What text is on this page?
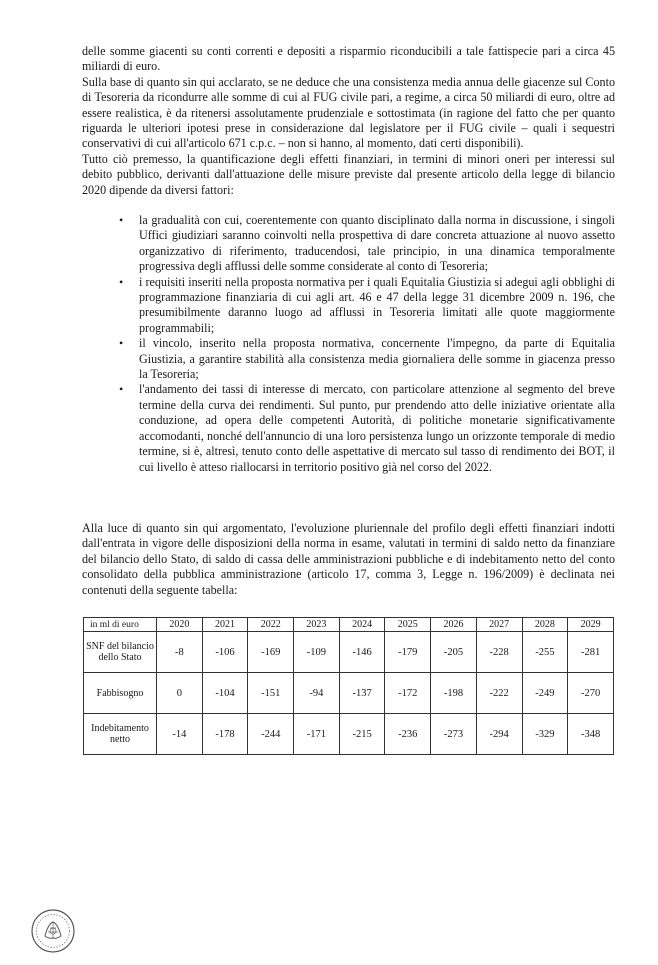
delle somme giacenti su conti correnti e depositi a risparmio riconducibili a tale fattispecie pari a circa 45 miliardi di euro.

Sulla base di quanto sin qui acclarato, se ne deduce che una consistenza media annua delle giacenze sul Conto di Tesoreria da ricondurre alle somme di cui al FUG civile pari, a regime, a circa 50 miliardi di euro, oltre ad essere realistica, è da ritenersi assolutamente prudenziale e sottostimata (in ragione del fatto che per quanto riguarda le ulteriori ipotesi prese in considerazione dal legislatore per il FUG civile – quali i sequestri conservativi di cui all'articolo 671 c.p.c. – non si hanno, al momento, dati certi disponibili).

Tutto ciò premesso, la quantificazione degli effetti finanziari, in termini di minori oneri per interessi sul debito pubblico, derivanti dall'attuazione delle misure previste dal presente articolo della legge di bilancio 2020 dipende da diversi fattori:

• la gradualità con cui, coerentemente con quanto disciplinato dalla norma in discussione, i singoli Uffici giudiziari saranno coinvolti nella prospettiva di dare concreta attuazione al nuovo assetto organizzativo di riferimento, traducendosi, tale principio, in una dinamica temporalmente progressiva degli afflussi delle somme considerate al conto di Tesoreria;
• i requisiti inseriti nella proposta normativa per i quali Equitalia Giustizia si adegui agli obblighi di programmazione finanziaria di cui agli art. 46 e 47 della legge 31 dicembre 2009 n. 196, che presumibilmente daranno luogo ad afflussi in Tesoreria limitati alle quote maggiormente programmabili;
• il vincolo, inserito nella proposta normativa, concernente l'impegno, da parte di Equitalia Giustizia, a garantire stabilità alla consistenza media giornaliera delle somme in giacenza presso la Tesoreria;
• l'andamento dei tassi di interesse di mercato, con particolare attenzione al segmento del breve termine della curva dei rendimenti. Sul punto, pur prendendo atto delle iniziative orientate alla conduzione, ad opera delle competenti Autorità, di politiche monetarie significativamente accomodanti, nonché dell'annuncio di una loro persistenza lungo un orizzonte temporale di medio termine, si è, altresì, tenuto conto delle aspettative di mercato sul tasso di rendimento dei BOT, il cui livello è atteso riallocarsi in territorio positivo già nel corso del 2022.

Alla luce di quanto sin qui argomentato, l'evoluzione pluriennale del profilo degli effetti finanziari indotti dall'entrata in vigore delle disposizioni della norma in esame, valutati in termini di saldo netto da finanziare del bilancio dello Stato, di saldo di cassa delle amministrazioni pubbliche e di indebitamento netto del conto consolidato della pubblica amministrazione (articolo 17, comma 3, Legge n. 196/2009) è declinata nei contenuti della seguente tabella:

in ml di euro	2020	2021	2022	2023	2024	2025	2026	2027	2028	2029
SNF del bilancio dello Stato	-8	-106	-169	-109	-146	-179	-205	-228	-255	-281
Fabbisogno	0	-104	-151	-94	-137	-172	-198	-222	-249	-270
Indebitamento netto	-14	-178	-244	-171	-215	-236	-273	-294	-329	-348
